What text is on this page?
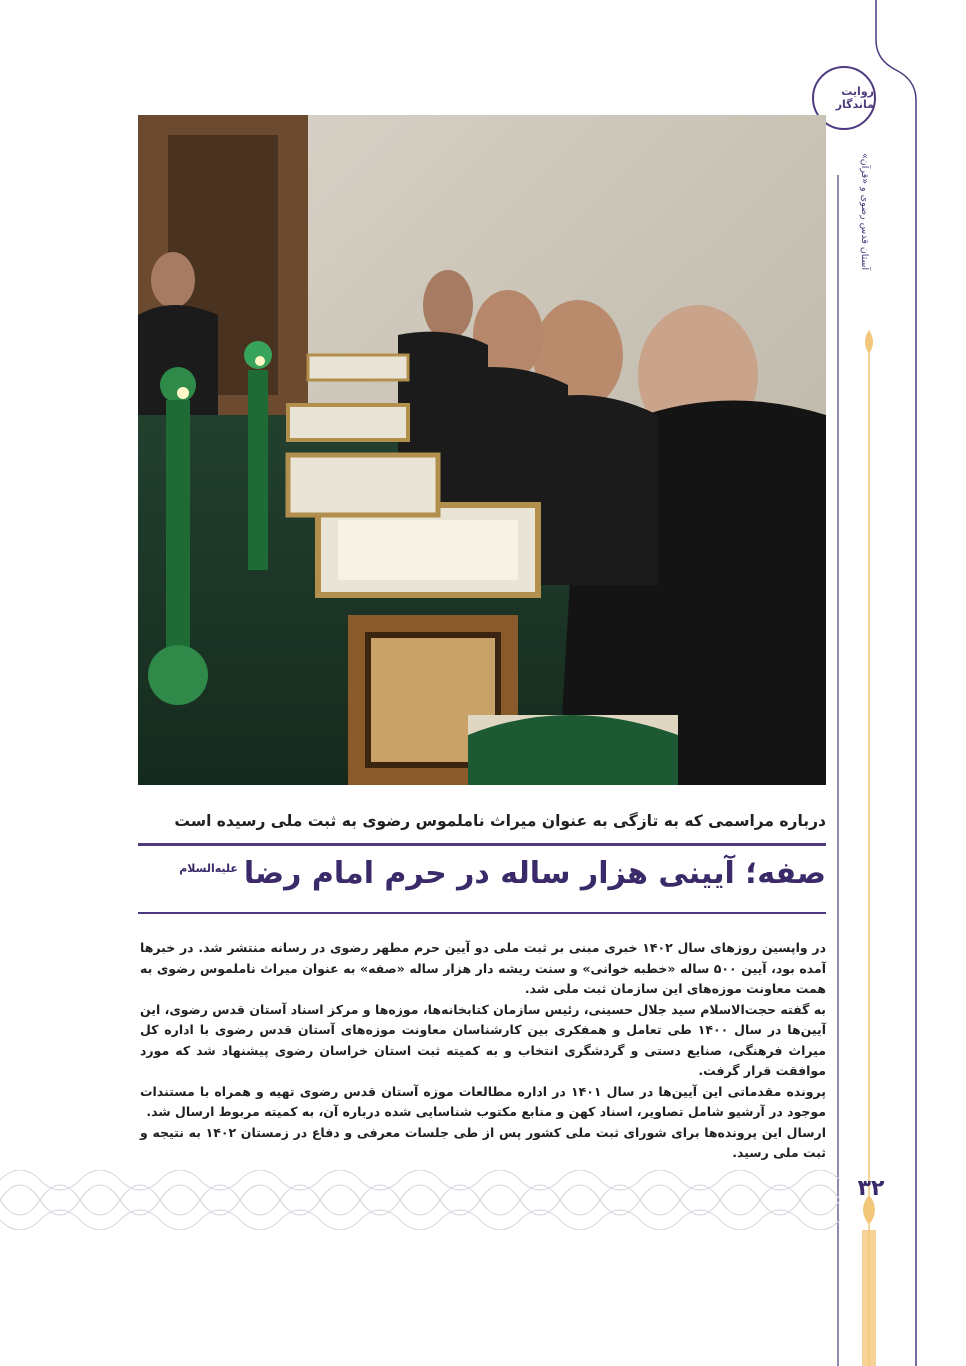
روایت ماندگار
آستان قدس رضوی و «قرآن»
درباره مراسمی که به تازگی به عنوان میراث ناملموس رضوی به ثبت ملی رسیده است
صفه؛ آیینی هزار ساله در حرم امام رضا$^{علیه‌السلام}$

در واپسین روزهای سال ۱۴۰۲ خبری مبنی بر ثبت ملی دو آیین حرم مطهر رضوی در رسانه منتشر شد. در خبرها آمده بود، آیین ۵۰۰ ساله «خطبه خوانی» و سنت ریشه دار هزار ساله «صفه» به عنوان میراث ناملموس رضوی به همت معاونت موزه‌های این سازمان ثبت ملی شد.

به گفته حجت‌الاسلام سید جلال حسینی، رئیس سازمان کتابخانه‌ها، موزه‌ها و مرکز اسناد آستان قدس رضوی، این آیین‌ها در سال ۱۴۰۰ طی تعامل و همفکری بین کارشناسان معاونت موزه‌های آستان قدس رضوی با اداره کل میراث فرهنگی، صنایع دستی و گردشگری انتخاب و به کمیته ثبت استان خراسان رضوی پیشنهاد شد که مورد موافقت قرار گرفت.

پرونده مقدماتی این آیین‌ها در سال ۱۴۰۱ در اداره مطالعات موزه آستان قدس رضوی تهیه و همراه با مستندات موجود در آرشیو شامل تصاویر، اسناد کهن و منابع مکتوب شناسایی شده درباره آن، به کمیته مربوط ارسال شد.

ارسال این پرونده‌ها برای شورای ثبت ملی کشور پس از طی جلسات معرفی و دفاع در زمستان ۱۴۰۲ به نتیجه و ثبت ملی رسید.

۳۲
